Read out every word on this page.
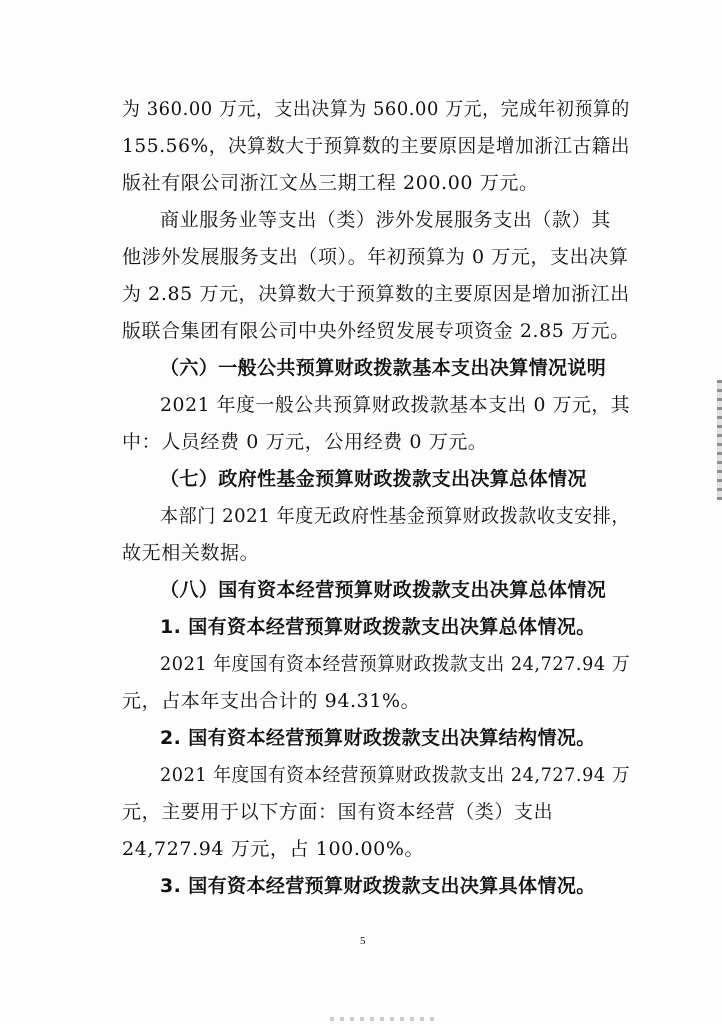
为 360.00 万元，支出决算为 560.00 万元，完成年初预算的
155.56%，决算数大于预算数的主要原因是增加浙江古籍出
版社有限公司浙江文丛三期工程 200.00 万元。
商业服务业等支出（类）涉外发展服务支出（款）其
他涉外发展服务支出（项）。年初预算为 0 万元，支出决算
为 2.85 万元，决算数大于预算数的主要原因是增加浙江出
版联合集团有限公司中央外经贸发展专项资金 2.85 万元。
（六）一般公共预算财政拨款基本支出决算情况说明
2021 年度一般公共预算财政拨款基本支出 0 万元，其
中：人员经费 0 万元，公用经费 0 万元。
（七）政府性基金预算财政拨款支出决算总体情况
本部门 2021 年度无政府性基金预算财政拨款收支安排，
故无相关数据。
（八）国有资本经营预算财政拨款支出决算总体情况
1. 国有资本经营预算财政拨款支出决算总体情况。
2021 年度国有资本经营预算财政拨款支出 24,727.94 万
元，占本年支出合计的 94.31%。
2. 国有资本经营预算财政拨款支出决算结构情况。
2021 年度国有资本经营预算财政拨款支出 24,727.94 万
元，主要用于以下方面：国有资本经营（类）支出
24,727.94 万元，占 100.00%。
3. 国有资本经营预算财政拨款支出决算具体情况。
5
